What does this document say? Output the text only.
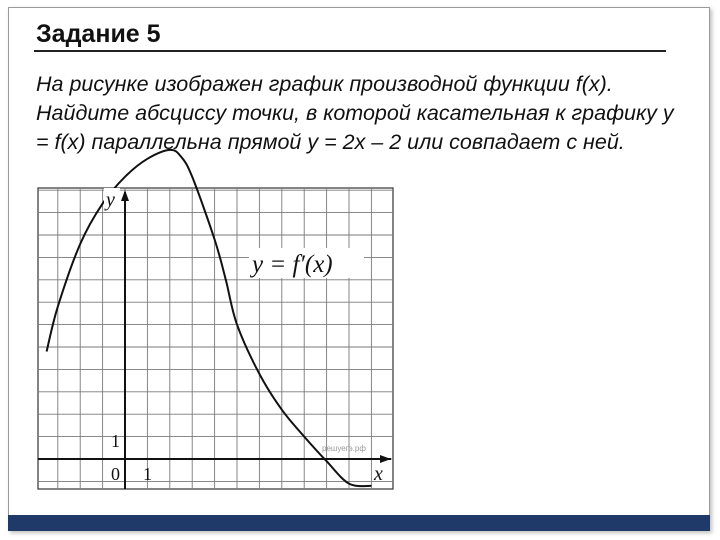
Задание 5
На рисунке изображен график производной функции f(x). Найдите абсциссу точки, в которой касательная к графику y = f(x) параллельна прямой y = 2x – 2 или совпадает с ней.
y = f′(x)
y
x
0 1
1	решуегэ.рф
